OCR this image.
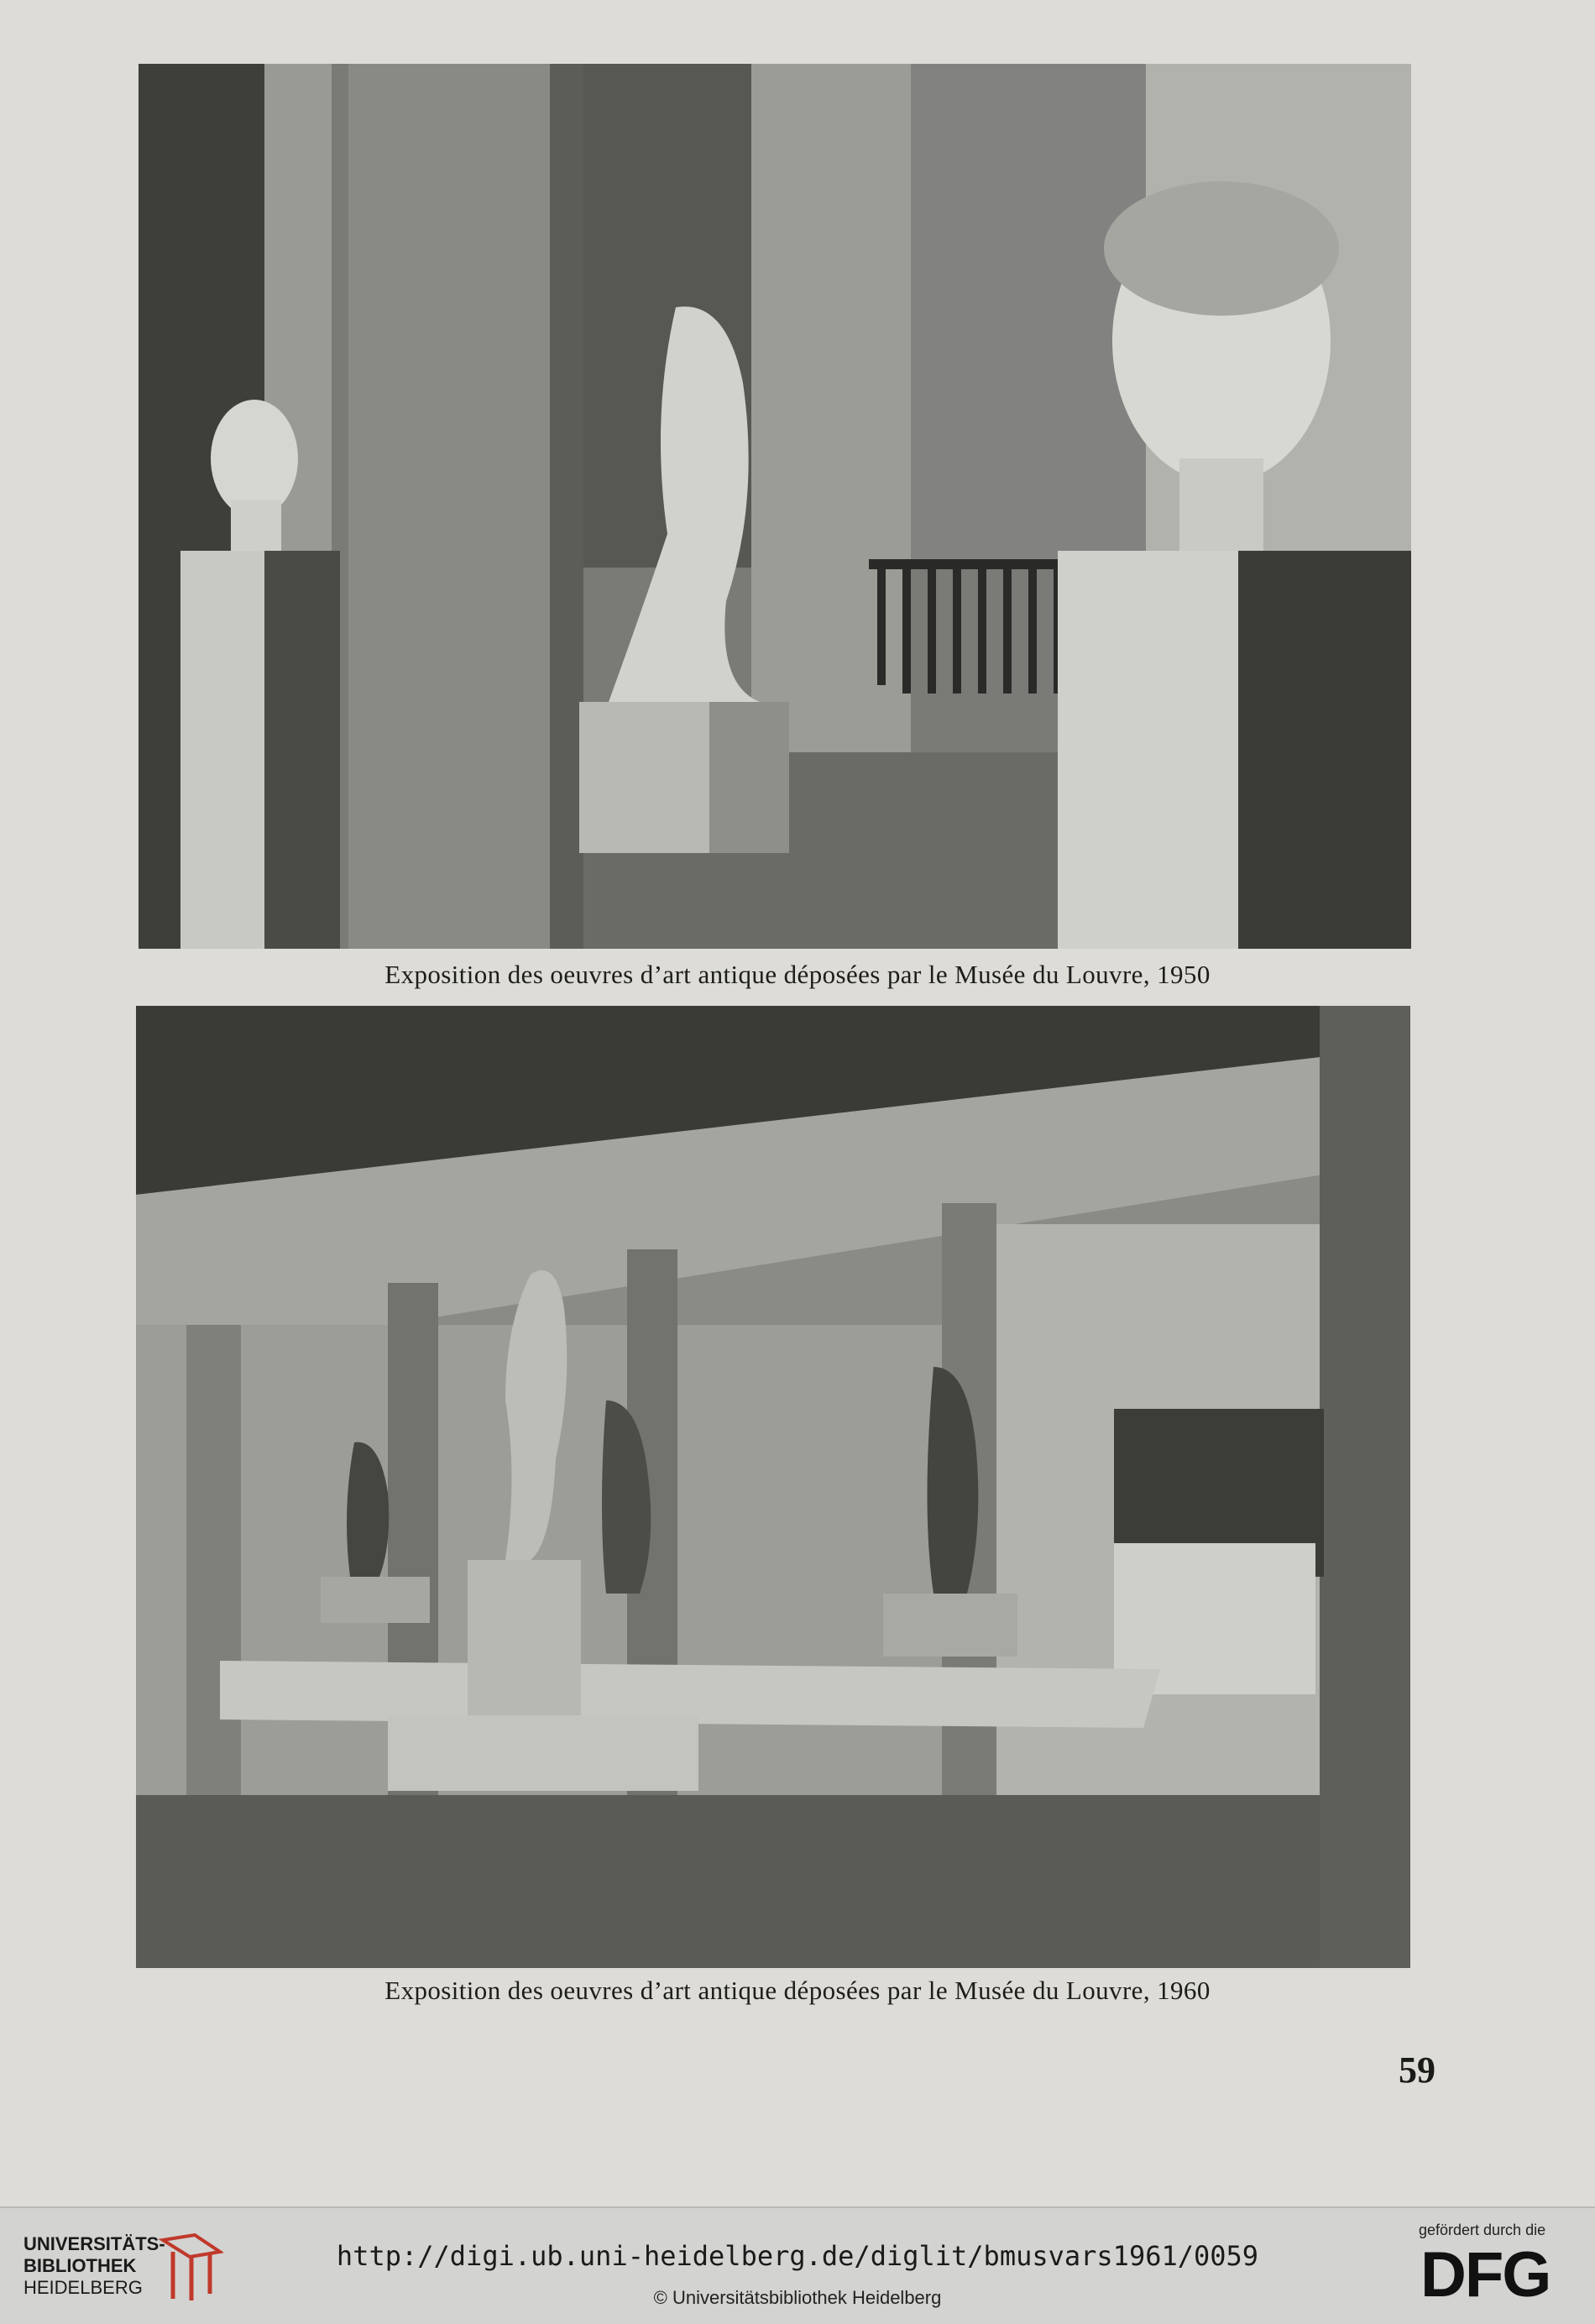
Exposition des oeuvres d’art antique déposées par le Musée du Louvre, 1950
Exposition des oeuvres d’art antique déposées par le Musée du Louvre, 1960
59
UNIVERSITÄTS-
BIBLIOTHEK
HEIDELBERG
http://digi.ub.uni-heidelberg.de/diglit/bmusvars1961/0059
© Universitätsbibliothek Heidelberg
gefördert durch die
DFG
